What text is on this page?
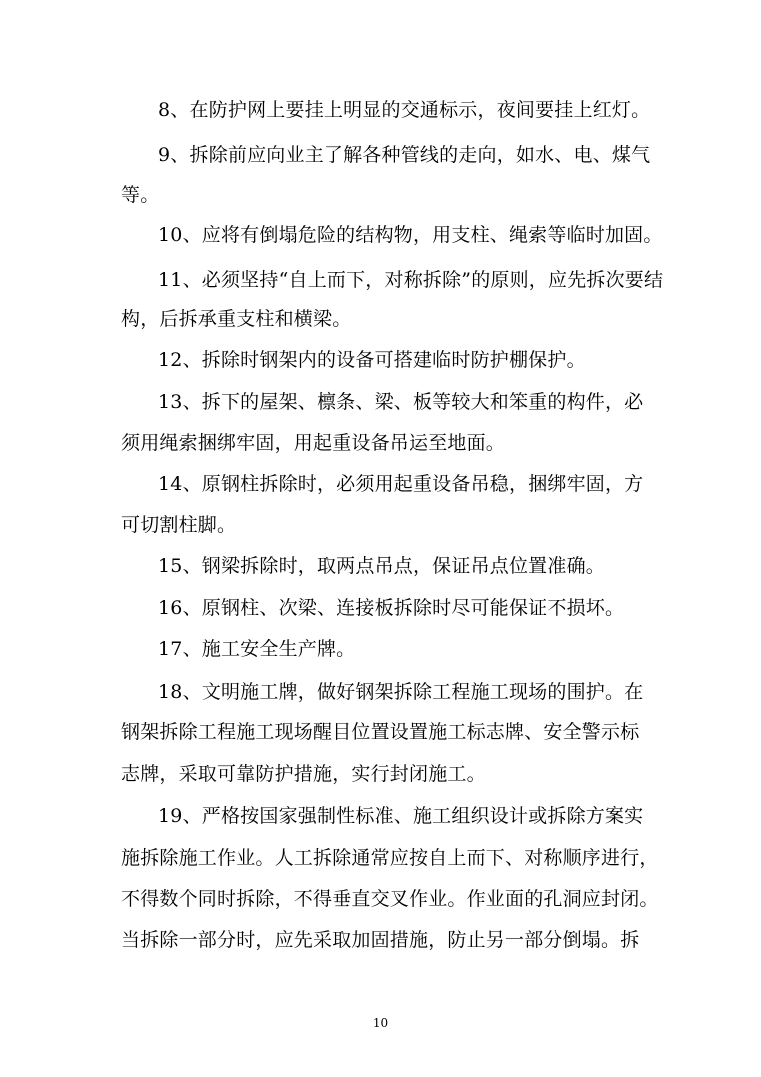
8、在防护网上要挂上明显的交通标示，夜间要挂上红灯。
9、拆除前应向业主了解各种管线的走向，如水、电、煤气
等。
10、应将有倒塌危险的结构物，用支柱、绳索等临时加固。
11、必须坚持“自上而下，对称拆除”的原则，应先拆次要结
构，后拆承重支柱和横梁。
12、拆除时钢架内的设备可搭建临时防护棚保护。
13、拆下的屋架、檩条、梁、板等较大和笨重的构件，必
须用绳索捆绑牢固，用起重设备吊运至地面。
14、原钢柱拆除时，必须用起重设备吊稳，捆绑牢固，方
可切割柱脚。
15、钢梁拆除时，取两点吊点，保证吊点位置准确。
16、原钢柱、次梁、连接板拆除时尽可能保证不损坏。
17、施工安全生产牌。
18、文明施工牌，做好钢架拆除工程施工现场的围护。在
钢架拆除工程施工现场醒目位置设置施工标志牌、安全警示标
志牌，采取可靠防护措施，实行封闭施工。
19、严格按国家强制性标准、施工组织设计或拆除方案实
施拆除施工作业。人工拆除通常应按自上而下、对称顺序进行，
不得数个同时拆除，不得垂直交叉作业。作业面的孔洞应封闭。
当拆除一部分时，应先采取加固措施，防止另一部分倒塌。拆
10
